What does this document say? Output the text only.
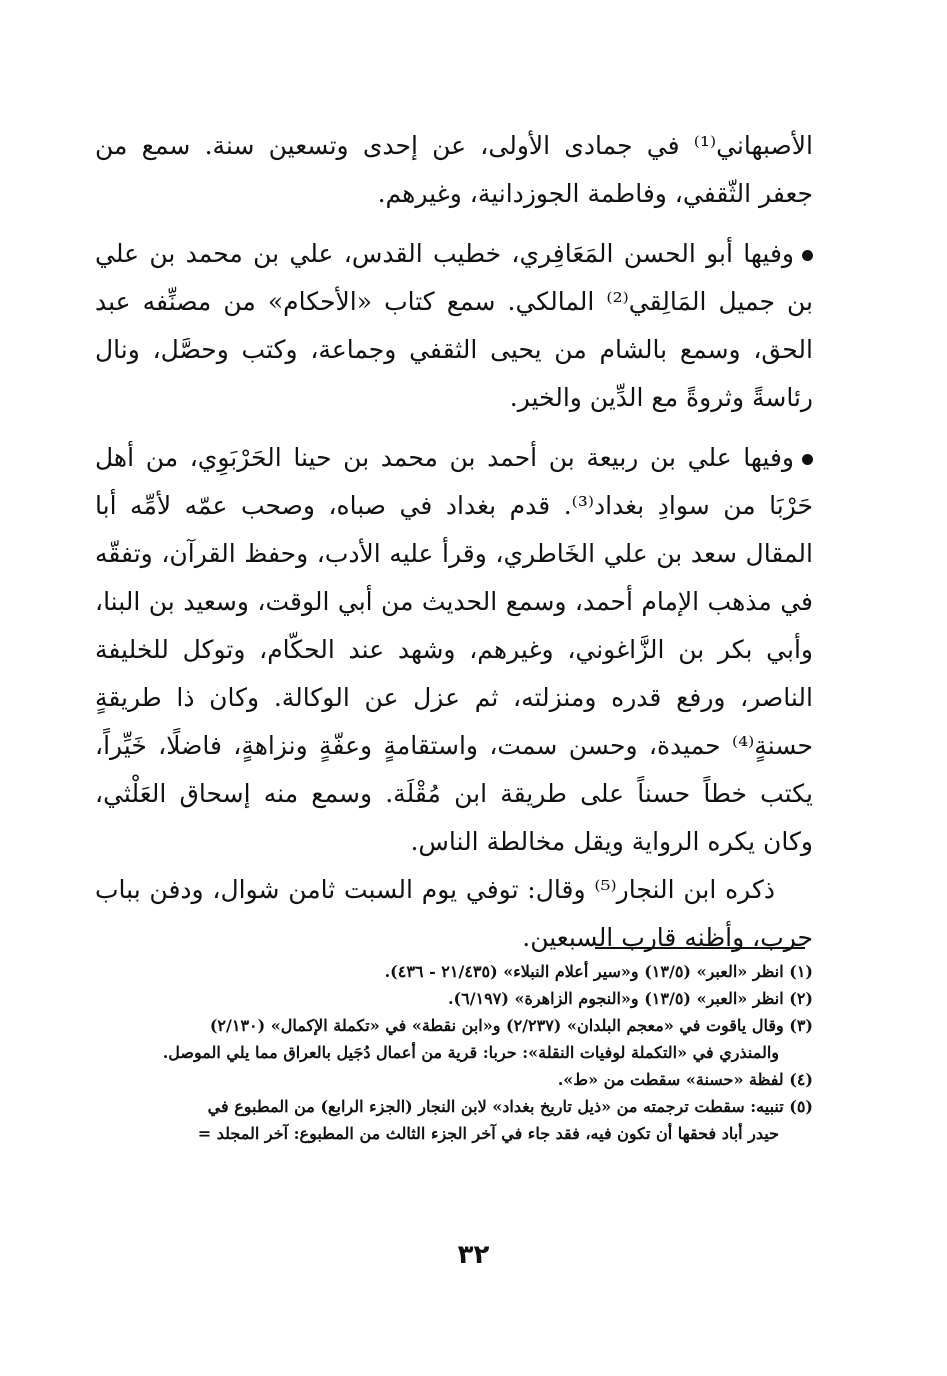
الأصبهاني⁽¹⁾ في جمادى الأولى، عن إحدى وتسعين سنة. سمع من جعفر الثّقفي، وفاطمة الجوزدانية، وغيرهم.

وفيها أبو الحسن المَعَافِري، خطيب القدس، علي بن محمد بن علي بن جميل المَالِقي⁽²⁾ المالكي. سمع كتاب «الأحكام» من مصنِّفه عبد الحق، وسمع بالشام من يحيى الثقفي وجماعة، وكتب وحصَّل، ونال رئاسةً وثروةً مع الدِّين والخير.

وفيها علي بن ربيعة بن أحمد بن محمد بن حينا الحَرْبَوِي، من أهل حَرْبَا من سوادِ بغداد⁽³⁾. قدم بغداد في صباه، وصحب عمّه لأمِّه أبا المقال سعد بن علي الخَاطري، وقرأ عليه الأدب، وحفظ القرآن، وتفقّه في مذهب الإمام أحمد، وسمع الحديث من أبي الوقت، وسعيد بن البنا، وأبي بكر بن الزَّاغوني، وغيرهم، وشهد عند الحكّام، وتوكل للخليفة الناصر، ورفع قدره ومنزلته، ثم عزل عن الوكالة. وكان ذا طريقةٍ حسنةٍ⁽⁴⁾ حميدة، وحسن سمت، واستقامةٍ وعفّةٍ ونزاهةٍ، فاضلًا، خَيِّراً، يكتب خطاً حسناً على طريقة ابن مُقْلَة. وسمع منه إسحاق العَلْثي، وكان يكره الرواية ويقل مخالطة الناس.

ذكره ابن النجار⁽⁵⁾ وقال: توفي يوم السبت ثامن شوال، ودفن بباب حرب، وأظنه قارب السبعين.

(١) انظر «العبر» (١٣/٥) و«سير أعلام النبلاء» (٢١/٤٣٥ - ٤٣٦).

(٢) انظر «العبر» (١٣/٥) و«النجوم الزاهرة» (٦/١٩٧).

(٣) وقال ياقوت في «معجم البلدان» (٢/٢٣٧) و«ابن نقطة» في «تكملة الإكمال» (٢/١٣٠)

والمنذري في «التكملة لوفيات النقلة»: حربا: قرية من أعمال دُجَيل بالعراق مما يلي الموصل.

(٤) لفظة «حسنة» سقطت من «ط».

(٥) تنبيه: سقطت ترجمته من «ذيل تاريخ بغداد» لابن النجار (الجزء الرابع) من المطبوع في

حيدر أباد فحقها أن تكون فيه، فقد جاء في آخر الجزء الثالث من المطبوع: آخر المجلد =

٣٢
